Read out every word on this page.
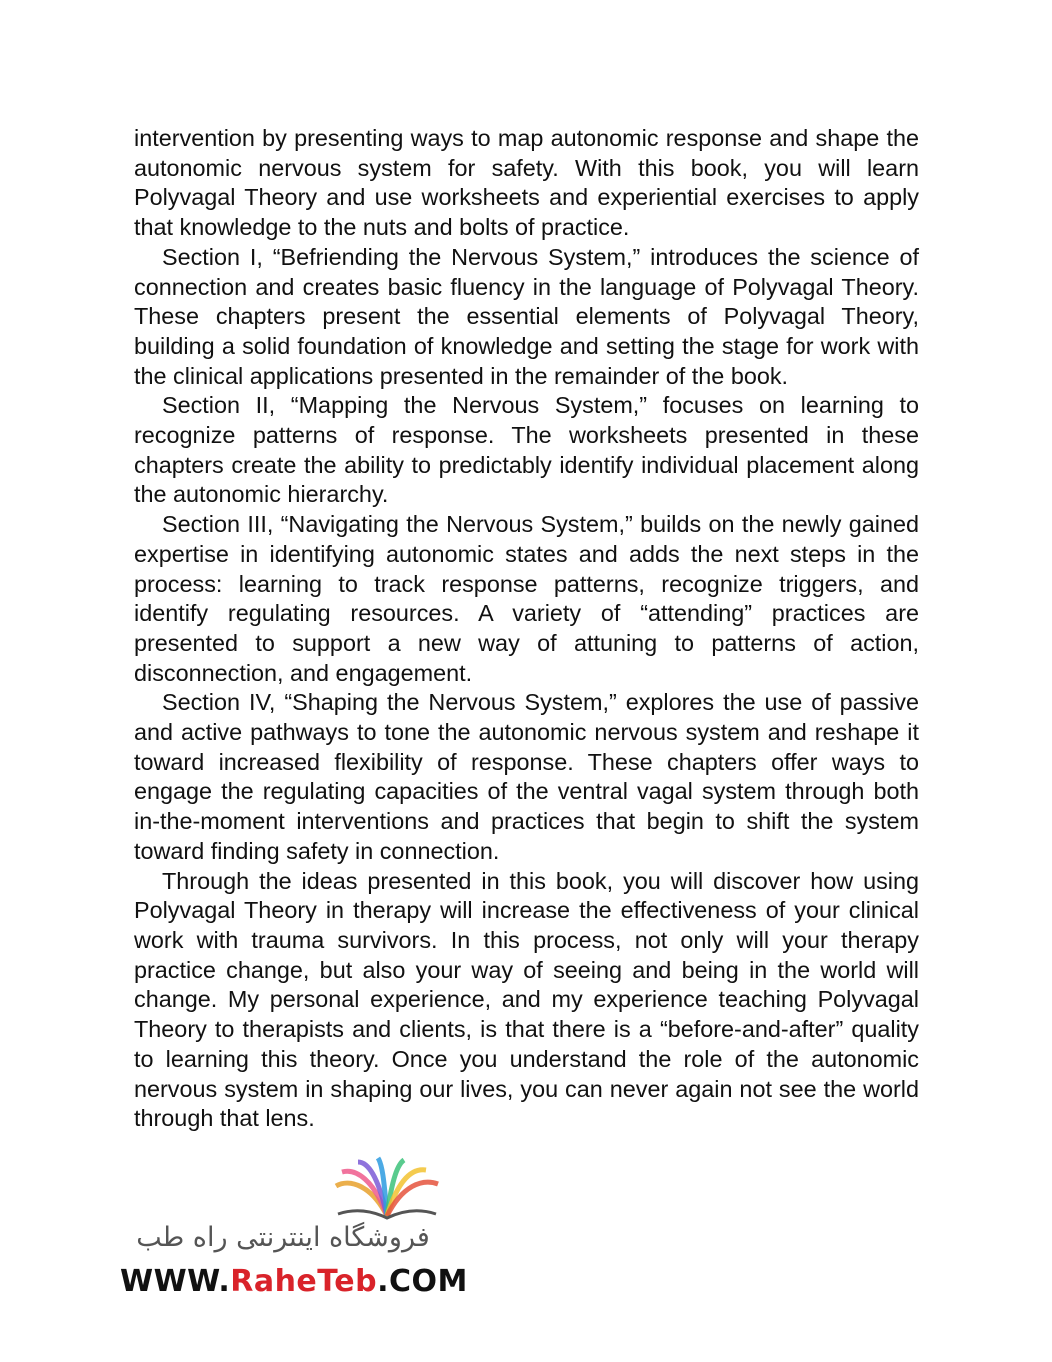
intervention by presenting ways to map autonomic response and shape the autonomic nervous system for safety. With this book, you will learn Polyvagal Theory and use worksheets and experiential exercises to apply that knowledge to the nuts and bolts of practice.

Section I, “Befriending the Nervous System,” introduces the science of connection and creates basic fluency in the language of Polyvagal Theory. These chapters present the essential elements of Polyvagal Theory, building a solid foundation of knowledge and setting the stage for work with the clinical applications presented in the remainder of the book.

Section II, “Mapping the Nervous System,” focuses on learning to recognize patterns of response. The worksheets presented in these chapters create the ability to predictably identify individual placement along the autonomic hierarchy.

Section III, “Navigating the Nervous System,” builds on the newly gained expertise in identifying autonomic states and adds the next steps in the process: learning to track response patterns, recognize triggers, and identify regulating resources. A variety of “attending” practices are presented to support a new way of attuning to patterns of action, disconnection, and engagement.

Section IV, “Shaping the Nervous System,” explores the use of passive and active pathways to tone the autonomic nervous system and reshape it toward increased flexibility of response. These chapters offer ways to engage the regulating capacities of the ventral vagal system through both in-the-moment interventions and practices that begin to shift the system toward finding safety in connection.

Through the ideas presented in this book, you will discover how using Polyvagal Theory in therapy will increase the effectiveness of your clinical work with trauma survivors. In this process, not only will your therapy practice change, but also your way of seeing and being in the world will change. My personal experience, and my experience teaching Polyvagal Theory to therapists and clients, is that there is a “before-and-after” quality to learning this theory. Once you understand the role of the autonomic nervous system in shaping our lives, you can never again not see the world through that lens.

فروشگاه اینترنتی راه طب
WWW.RaheTeb.COM
